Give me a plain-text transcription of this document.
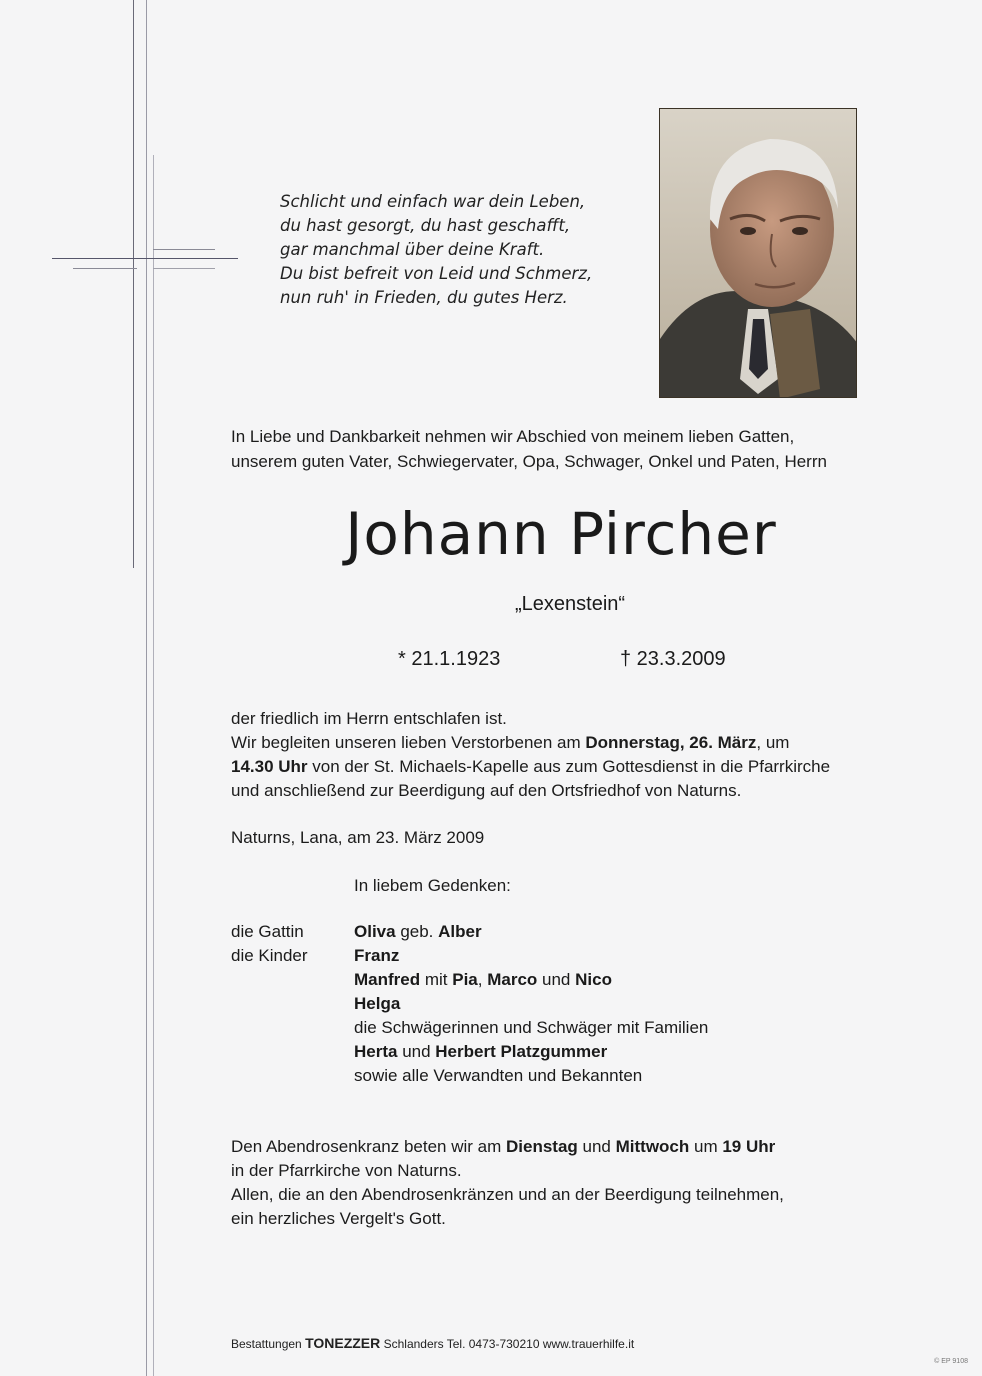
Schlicht und einfach war dein Leben,
du hast gesorgt, du hast geschafft,
gar manchmal über deine Kraft.
Du bist befreit von Leid und Schmerz,
nun ruh' in Frieden, du gutes Herz.
In Liebe und Dankbarkeit nehmen wir Abschied von meinem lieben Gatten,
unserem guten Vater, Schwiegervater, Opa, Schwager, Onkel und Paten, Herrn
Johann Pircher
„Lexenstein“
* 21.1.1923	† 23.3.2009
der friedlich im Herrn entschlafen ist.
Wir begleiten unseren lieben Verstorbenen am Donnerstag, 26. März, um
14.30 Uhr von der St. Michaels-Kapelle aus zum Gottesdienst in die Pfarrkirche
und anschließend zur Beerdigung auf den Ortsfriedhof von Naturns.
Naturns, Lana, am 23. März 2009
In liebem Gedenken:
die Gattin
die Kinder
Oliva geb. Alber
Franz
Manfred mit Pia, Marco und Nico
Helga
die Schwägerinnen und Schwäger mit Familien
Herta und Herbert Platzgummer
sowie alle Verwandten und Bekannten
Den Abendrosenkranz beten wir am Dienstag und Mittwoch um 19 Uhr
in der Pfarrkirche von Naturns.
Allen, die an den Abendrosenkränzen und an der Beerdigung teilnehmen,
ein herzliches Vergelt's Gott.
Bestattungen TONEZZER Schlanders Tel. 0473-730210 www.trauerhilfe.it
© EP 9108
